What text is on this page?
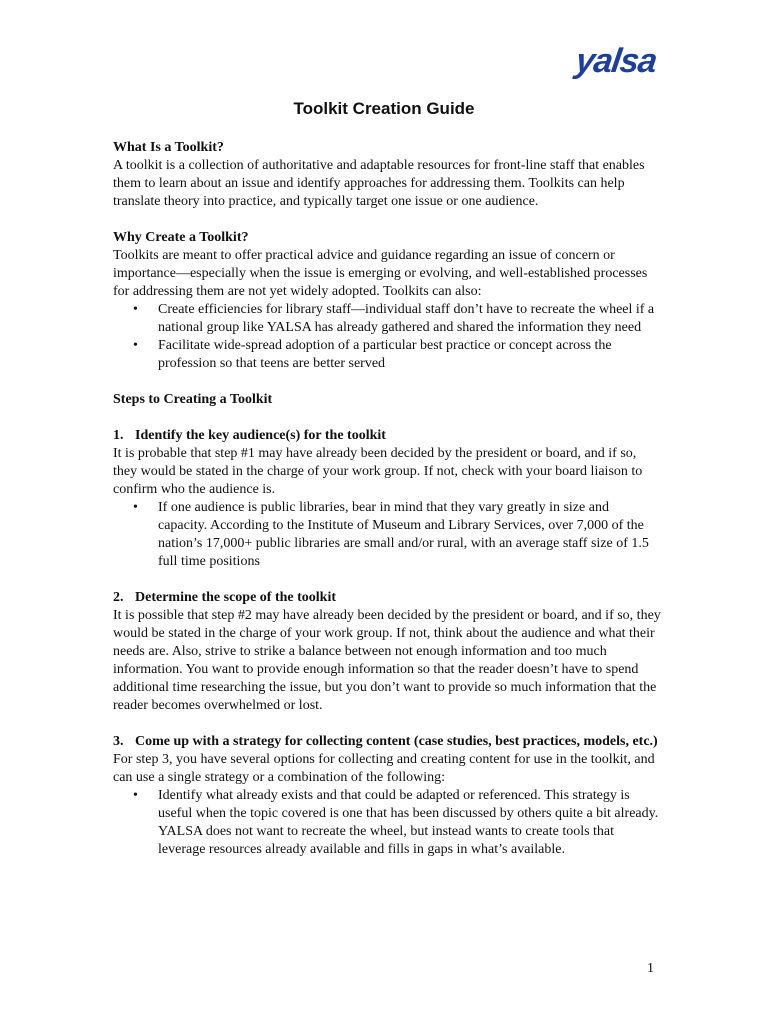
yalsa
Toolkit Creation Guide
What Is a Toolkit?

A toolkit is a collection of authoritative and adaptable resources for front-line staff that enables them to learn about an issue and identify approaches for addressing them. Toolkits can help translate theory into practice, and typically target one issue or one audience.

Why Create a Toolkit?

Toolkits are meant to offer practical advice and guidance regarding an issue of concern or importance—especially when the issue is emerging or evolving, and well-established processes for addressing them are not yet widely adopted. Toolkits can also:

• Create efficiencies for library staff—individual staff don’t have to recreate the wheel if a national group like YALSA has already gathered and shared the information they need
• Facilitate wide-spread adoption of a particular best practice or concept across the profession so that teens are better served
Steps to Creating a Toolkit
1. Identify the key audience(s) for the toolkit

It is probable that step #1 may have already been decided by the president or board, and if so, they would be stated in the charge of your work group. If not, check with your board liaison to confirm who the audience is.

• If one audience is public libraries, bear in mind that they vary greatly in size and capacity. According to the Institute of Museum and Library Services, over 7,000 of the nation’s 17,000+ public libraries are small and/or rural, with an average staff size of 1.5 full time positions
2. Determine the scope of the toolkit

It is possible that step #2 may have already been decided by the president or board, and if so, they would be stated in the charge of your work group. If not, think about the audience and what their needs are. Also, strive to strike a balance between not enough information and too much information. You want to provide enough information so that the reader doesn’t have to spend additional time researching the issue, but you don’t want to provide so much information that the reader becomes overwhelmed or lost.

3. Come up with a strategy for collecting content (case studies, best practices, models, etc.)

For step 3, you have several options for collecting and creating content for use in the toolkit, and can use a single strategy or a combination of the following:

• Identify what already exists and that could be adapted or referenced. This strategy is useful when the topic covered is one that has been discussed by others quite a bit already. YALSA does not want to recreate the wheel, but instead wants to create tools that leverage resources already available and fills in gaps in what’s available.
1
